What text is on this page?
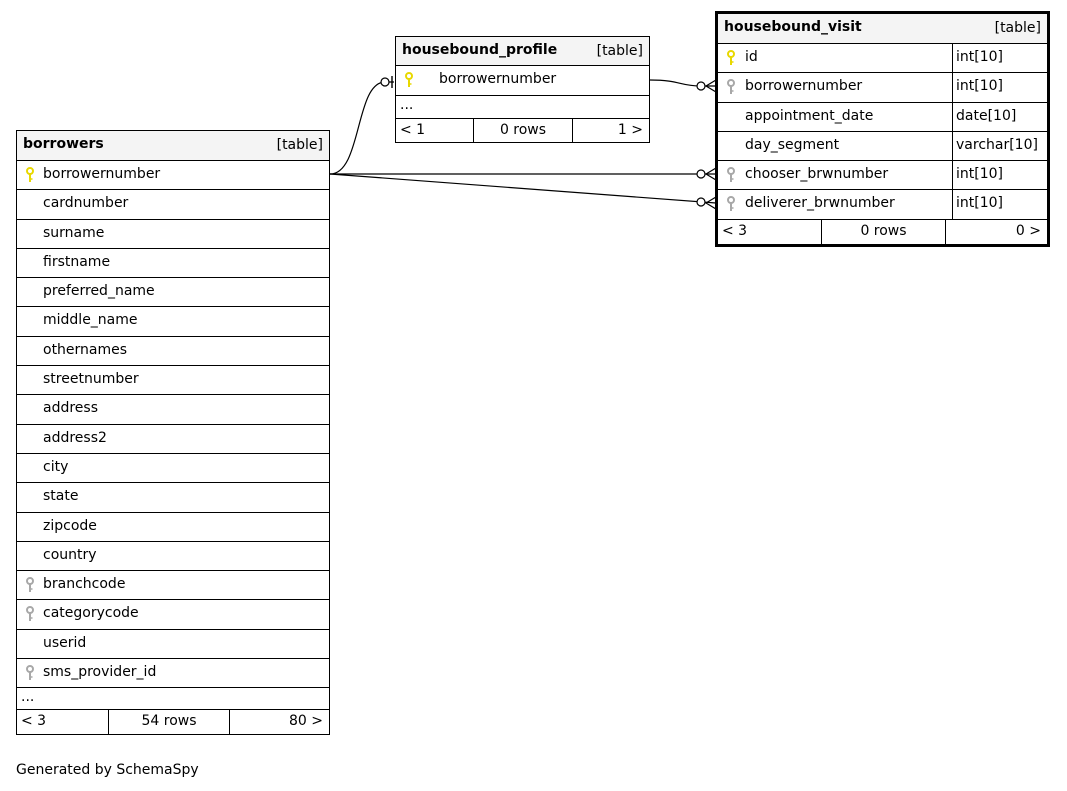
borrowers	[table]
borrowernumber
cardnumber
surname
firstname
preferred_name
middle_name
othernames
streetnumber
address
address2
city
state
zipcode
country
branchcode
categorycode
userid
sms_provider_id
...
< 3	54 rows	80 >
housebound_profile	[table]
borrowernumber
...
< 1	0 rows	1 >
housebound_visit	[table]
id	int[10]
borrowernumber	int[10]
appointment_date	date[10]
day_segment	varchar[10]
chooser_brwnumber	int[10]
deliverer_brwnumber	int[10]
< 3	0 rows	0 >
Generated by SchemaSpy
